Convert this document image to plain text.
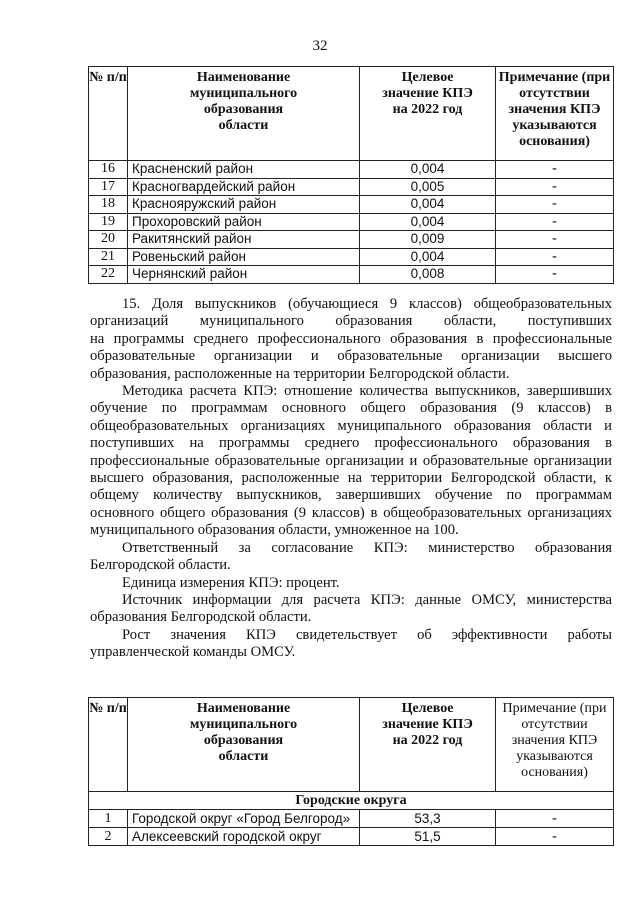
32
№ п/п	Наименование муниципального образования области	Целевое значение КПЭ на 2022 год	Примечание (при отсутствии значения КПЭ указываются основания)
16	Красненский район	0,004	-
17	Красногвардейский район	0,005	-
18	Краснояружский район	0,004	-
19	Прохоровский район	0,004	-
20	Ракитянский район	0,009	-
21	Ровеньский район	0,004	-
22	Чернянский район	0,008	-

15. Доля выпускников (обучающиеся 9 классов) общеобразовательных

организаций муниципального образования области, поступивших

на программы среднего профессионального образования в профессиональные образовательные организации и образовательные организации высшего образования, расположенные на территории Белгородской области.

Методика расчета КПЭ: отношение количества выпускников, завершивших обучение по программам основного общего образования (9 классов) в общеобразовательных организациях муниципального образования области и поступивших на программы среднего профессионального образования в профессиональные образовательные организации и образовательные организации высшего образования, расположенные на территории Белгородской области, к общему количеству выпускников, завершивших обучение по программам основного общего образования (9 классов) в общеобразовательных организациях муниципального образования области, умноженное на 100.

Ответственный за согласование КПЭ: министерство образования Белгородской области.

Единица измерения КПЭ: процент.

Источник информации для расчета КПЭ: данные ОМСУ, министерства образования Белгородской области.

Рост значения КПЭ свидетельствует об эффективности работы управленческой команды ОМСУ.

№ п/п	Наименование муниципального образования области	Целевое значение КПЭ на 2022 год	Примечание (при отсутствии значения КПЭ указываются основания)
Городские округа			
1	Городской округ «Город Белгород»	53,3	-
2	Алексеевский городской округ	51,5	-
